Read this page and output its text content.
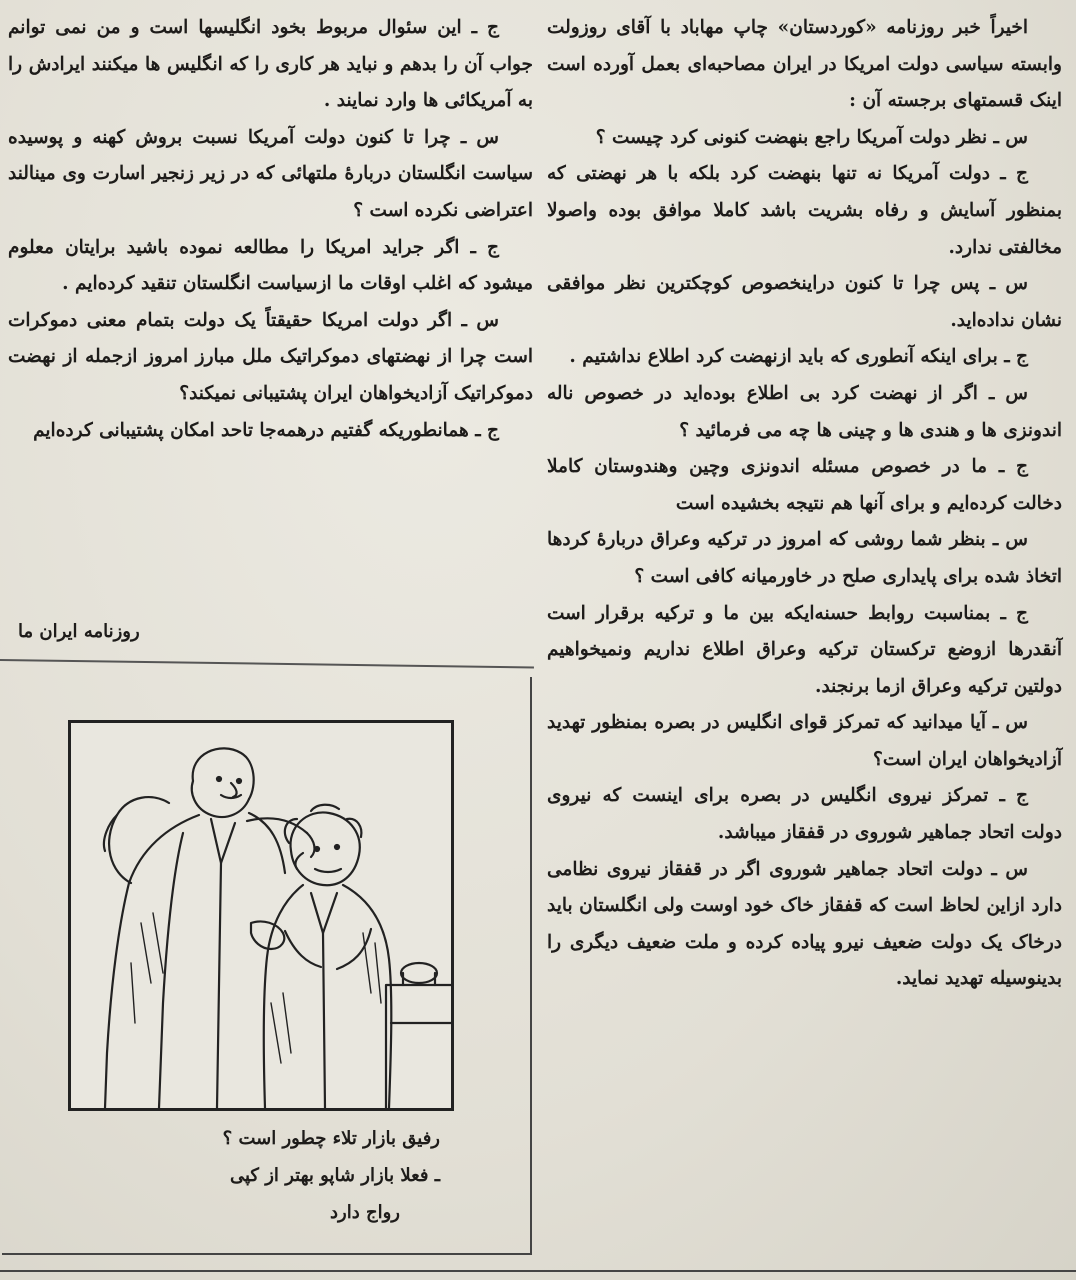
اخیراً خبر روزنامه «کوردستان» چاپ مهاباد با آقای روزولت وابسته سیاسی دولت امریکا در ایران مصاحبه‌ای بعمل آورده است اینک قسمتهای برجسته آن :

س ـ نظر دولت آمریکا راجع بنهضت کنونی کرد چیست ؟

ج ـ دولت آمریکا نه تنها بنهضت کرد بلکه با هر نهضتی که بمنظور آسایش و رفاه بشریت باشد کاملا موافق بوده واصولا مخالفتی ندارد.

س ـ پس چرا تا کنون دراینخصوص کوچکترین نظر موافقی نشان نداده‌اید.

ج ـ برای اینکه آنطوری که باید ازنهضت کرد اطلاع نداشتیم .

س ـ اگر از نهضت کرد بی اطلاع بوده‌اید در خصوص ناله اندونزی ها و هندی ها و چینی ها چه می فرمائید ؟

ج ـ ما در خصوص مسئله اندونزی وچین وهندوستان کاملا دخالت کرده‌ایم و برای آنها هم نتیجه بخشیده است

س ـ بنظر شما روشی که امروز در ترکیه وعراق دربارهٔ کردها اتخاذ شده برای پایداری صلح در خاورمیانه کافی است ؟

ج ـ بمناسبت روابط حسنه‌ایکه بین ما و ترکیه برقرار است آنقدرها ازوضع ترکستان ترکیه وعراق اطلاع نداریم ونمیخواهیم دولتین ترکیه وعراق ازما برنجند.

س ـ آیا میدانید که تمرکز قوای انگلیس در بصره بمنظور تهدید آزادیخواهان ایران است؟

ج ـ تمرکز نیروی انگلیس در بصره برای اینست که نیروی دولت اتحاد جماهیر شوروی در قفقاز میباشد.

س ـ دولت اتحاد جماهیر شوروی اگر در قفقاز نیروی نظامی دارد ازاین لحاظ است که قفقاز خاک خود اوست ولی انگلستان باید درخاک یک دولت ضعیف نیرو پیاده کرده و ملت ضعیف دیگری را بدینوسیله تهدید نماید.

ج ـ این سئوال مربوط بخود انگلیسها است و من نمی توانم جواب آن را بدهم و نباید هر کاری را که انگلیس ها میکنند ایرادش را به آمریکائی ها وارد نمایند .

س ـ چرا تا کنون دولت آمریکا نسبت بروش کهنه و پوسیده سیاست انگلستان دربارهٔ ملتهائی که در زیر زنجیر اسارت وی مینالند اعتراضی نکرده است ؟

ج ـ اگر جراید امریکا را مطالعه نموده باشید برایتان معلوم میشود که اغلب اوقات ما ازسیاست انگلستان تنقید کرده‌ایم .

س ـ اگر دولت امریکا حقیقتاً یک دولت بتمام معنی دموکرات است چرا از نهضتهای دموکراتیک ملل مبارز امروز ازجمله از نهضت دموکراتیک آزادیخواهان ایران پشتیبانی نمیکند؟

ج ـ همانطوریکه گفتیم درهمه‌جا تاحد امکان پشتیبانی کرده‌ایم

روزنامه ایران ما
رفیق بازار تلاء چطور است ؟
ـ فعلا بازار شاپو بهتر از کپی
رواج دارد
